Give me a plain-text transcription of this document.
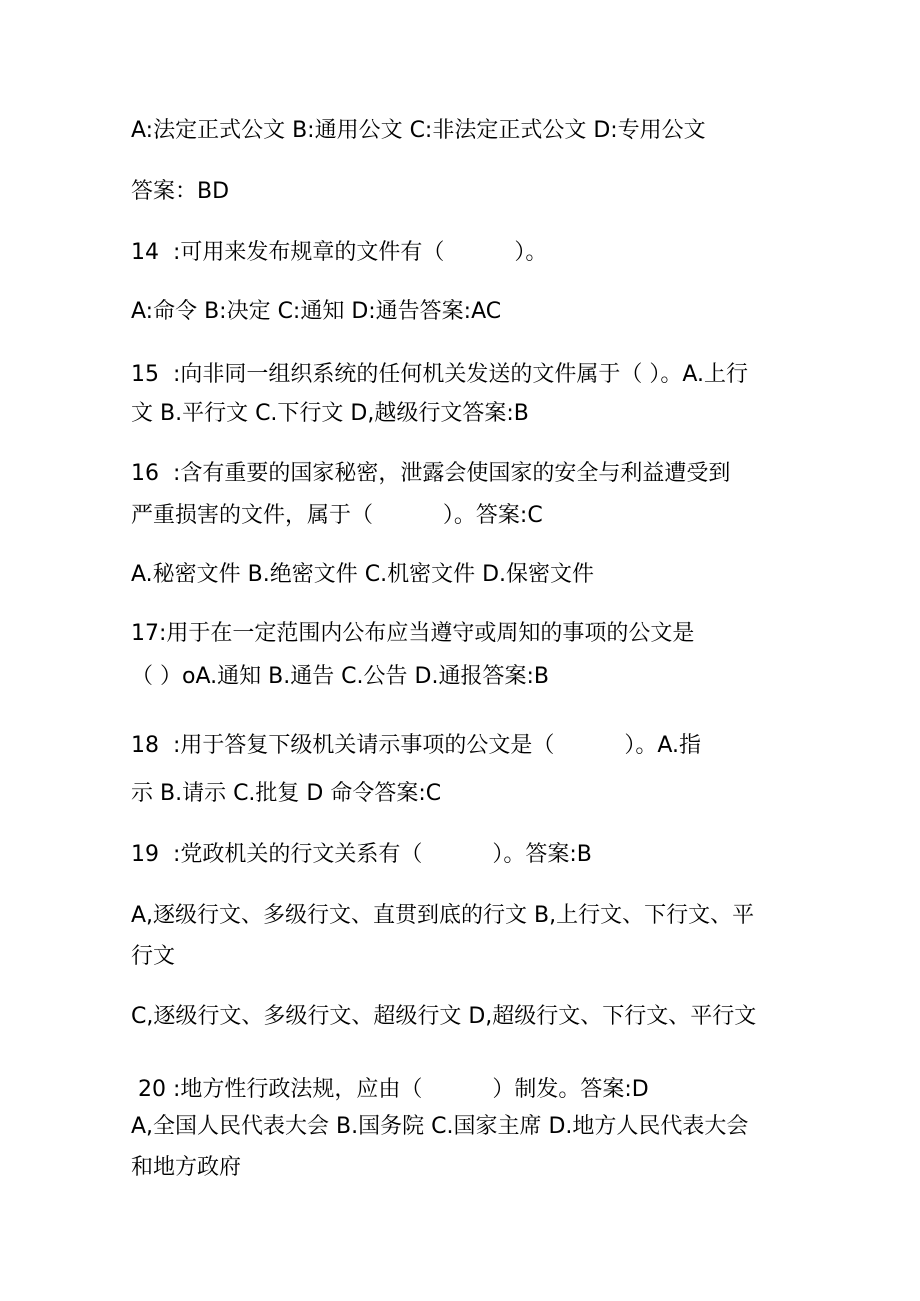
A:法定正式公文 B:通用公文 C:非法定正式公文 D:专用公文
答案：BD
14  :可用来发布规章的文件有（          ）。
A:命令 B:决定 C:通知 D:通告答案:AC
15  :向非同一组织系统的任何机关发送的文件属于（ ）。A.上行
文 B.平行文 C.下行文 D,越级行文答案:B
16  :含有重要的国家秘密，泄露会使国家的安全与利益遭受到
严重损害的文件，属于（          ）。答案:C
A.秘密文件 B.绝密文件 C.机密文件 D.保密文件
17:用于在一定范围内公布应当遵守或周知的事项的公文是
（ ）oA.通知 B.通告 C.公告 D.通报答案:B
18  :用于答复下级机关请示事项的公文是（          ）。A.指
示 B.请示 C.批复 D 命令答案:C
19  :党政机关的行文关系有（          ）。答案:B
A,逐级行文、多级行文、直贯到底的行文 B,上行文、下行文、平
行文
C,逐级行文、多级行文、超级行文 D,超级行文、下行文、平行文
20 :地方性行政法规，应由（          ）制发。答案:D
A,全国人民代表大会 B.国务院 C.国家主席 D.地方人民代表大会
和地方政府
